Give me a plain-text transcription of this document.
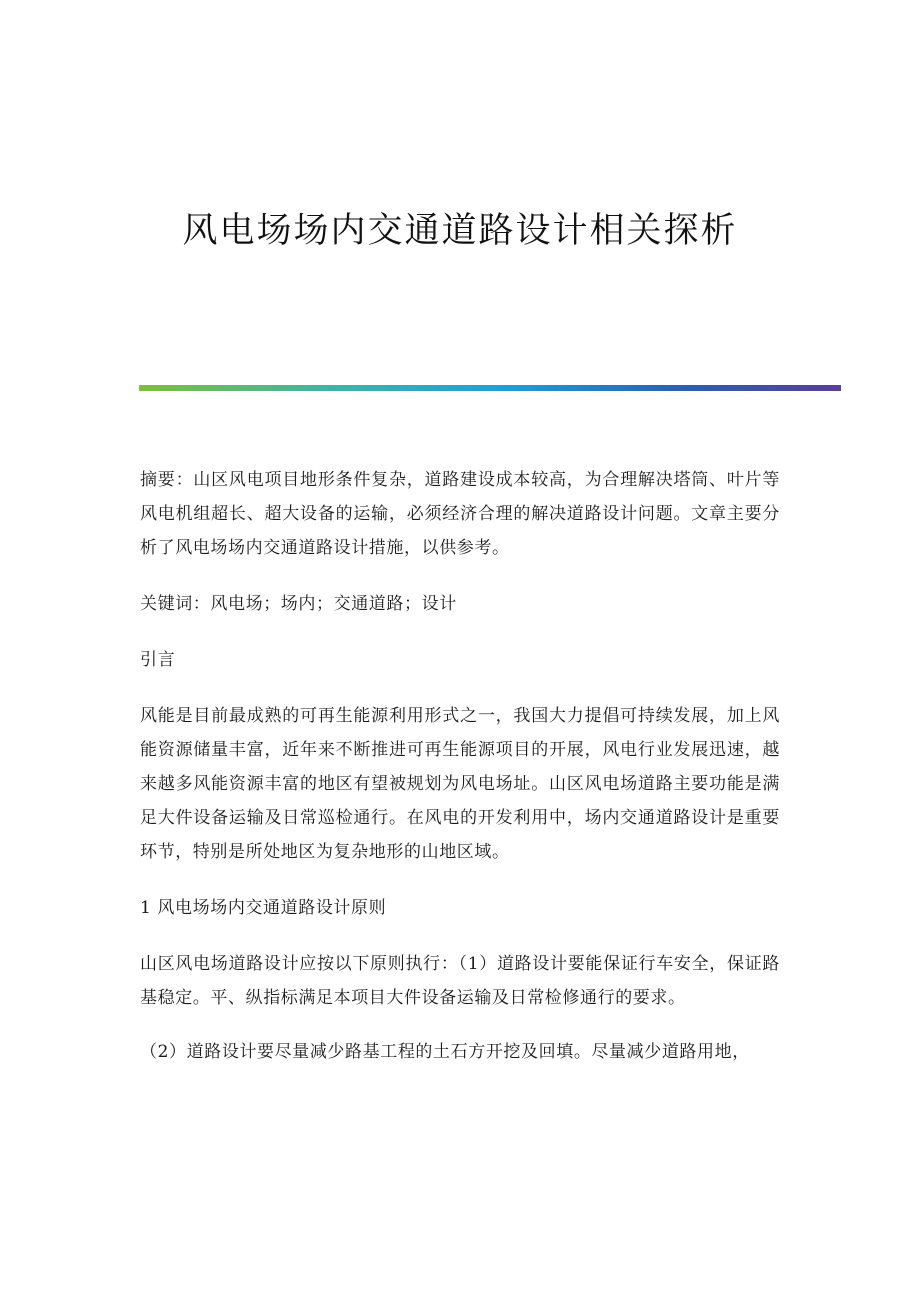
风电场场内交通道路设计相关探析

摘要：山区风电项目地形条件复杂，道路建设成本较高，为合理解决塔筒、叶片等风电机组超长、超大设备的运输，必须经济合理的解决道路设计问题。文章主要分析了风电场场内交通道路设计措施，以供参考。

关键词：风电场；场内；交通道路；设计

引言

风能是目前最成熟的可再生能源利用形式之一，我国大力提倡可持续发展，加上风能资源储量丰富，近年来不断推进可再生能源项目的开展，风电行业发展迅速，越来越多风能资源丰富的地区有望被规划为风电场址。山区风电场道路主要功能是满足大件设备运输及日常巡检通行。在风电的开发利用中，场内交通道路设计是重要环节，特别是所处地区为复杂地形的山地区域。

1 风电场场内交通道路设计原则

山区风电场道路设计应按以下原则执行：（1）道路设计要能保证行车安全，保证路基稳定。平、纵指标满足本项目大件设备运输及日常检修通行的要求。

（2）道路设计要尽量减少路基工程的土石方开挖及回填。尽量减少道路用地，
